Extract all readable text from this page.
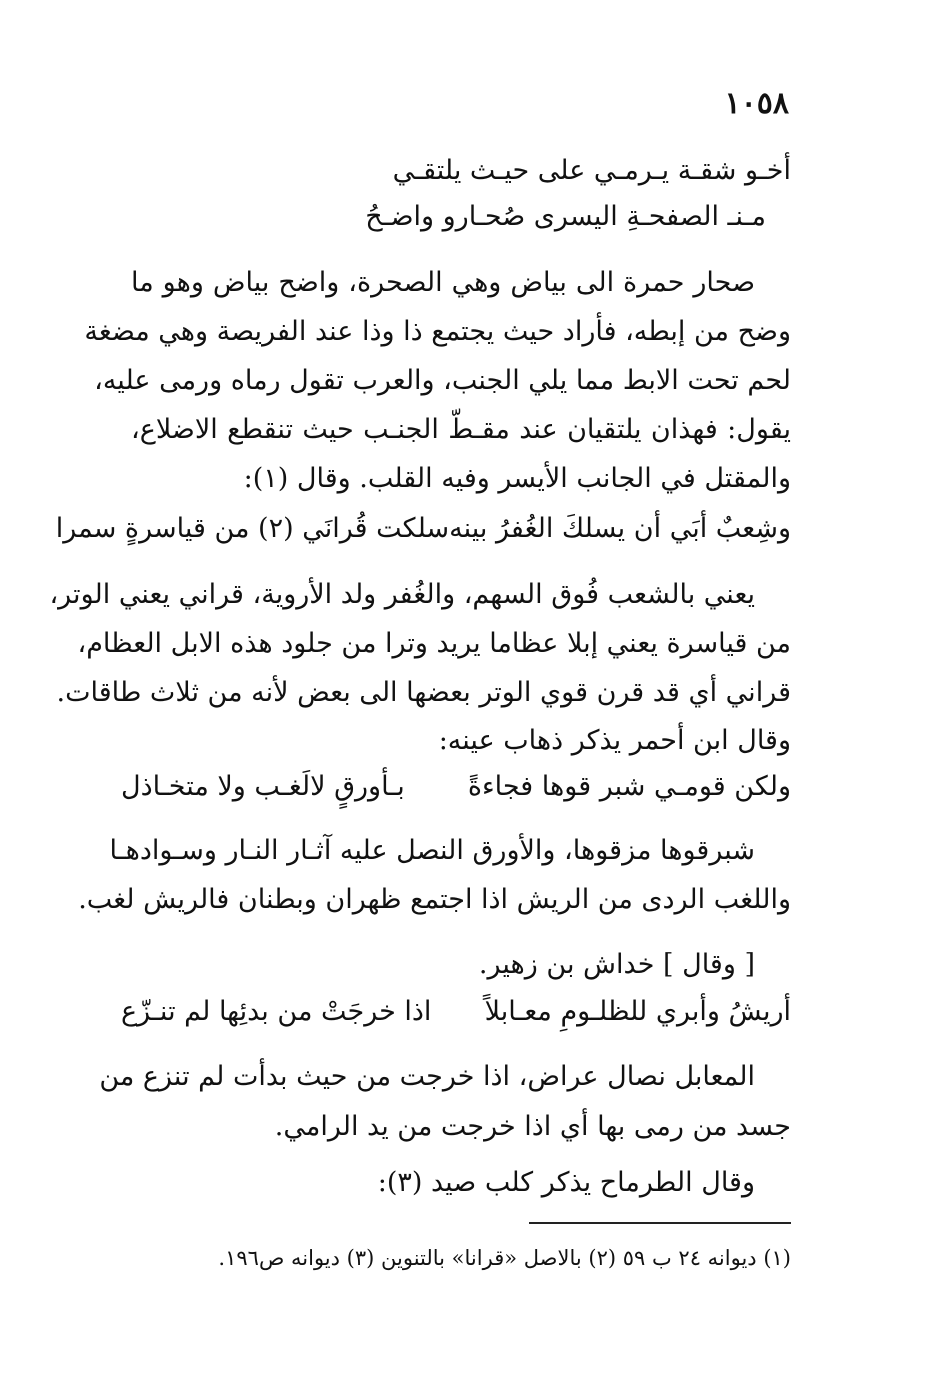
١٠٥٨
أخـو شقـة يـرمـي على حيـث يلتقـي
مـنـ الصفحـةِ اليسرى صُحـارو واضـحُ
صحار حمرة الى بياض وهي الصحرة، واضح بياض وهو ما
وضح من إبطه، فأراد حيث يجتمع ذا وذا عند الفريصة وهي مضغة
لحم تحت الابط مما يلي الجنب، والعرب تقول رماه ورمى عليه،
يقول: فهذان يلتقيان عند مقـطّ الجنـب حيث تنقطع الاضلاع،
والمقتل في الجانب الأيسر وفيه القلب. وقال (١):
وشِعبٌ أبَي أن يسلكَ الغُفرُ بينه
سلكت قُرانَي (٢) من قياسرةٍ سمرا
يعني بالشعب فُوق السهم، والغُفر ولد الأروية، قراني يعني الوتر،
من قياسرة يعني إبلا عظاما يريد وترا من جلود هذه الابل العظام،
قراني أي قد قرن قوي الوتر بعضها الى بعض لأنه من ثلاث طاقات.
وقال ابن أحمر يذكر ذهاب عينه:
ولكن قومـي شبر قوها فجاءةً
بـأورقٍ لالَغـب ولا متخـاذل
شبرقوها مزقوها، والأورق النصل عليه آثـار النـار وسـوادهـا
واللغب الردى من الريش اذا اجتمع ظهران وبطنان فالريش لغب.
[ وقال ] خداش بن زهير.
أريشُ وأبري للظلـومِ معـابلاً
اذا خرجَتْ من بدئِها لم تنـزّع
المعابل نصال عراض، اذا خرجت من حيث بدأت لم تنزع من
جسد من رمى بها أي اذا خرجت من يد الرامي.
وقال الطرماح يذكر كلب صيد (٣):
(١) ديوانه ٢٤ ب ٥٩ (٢) بالاصل «قرانا» بالتنوين (٣) ديوانه ص١٩٦.
